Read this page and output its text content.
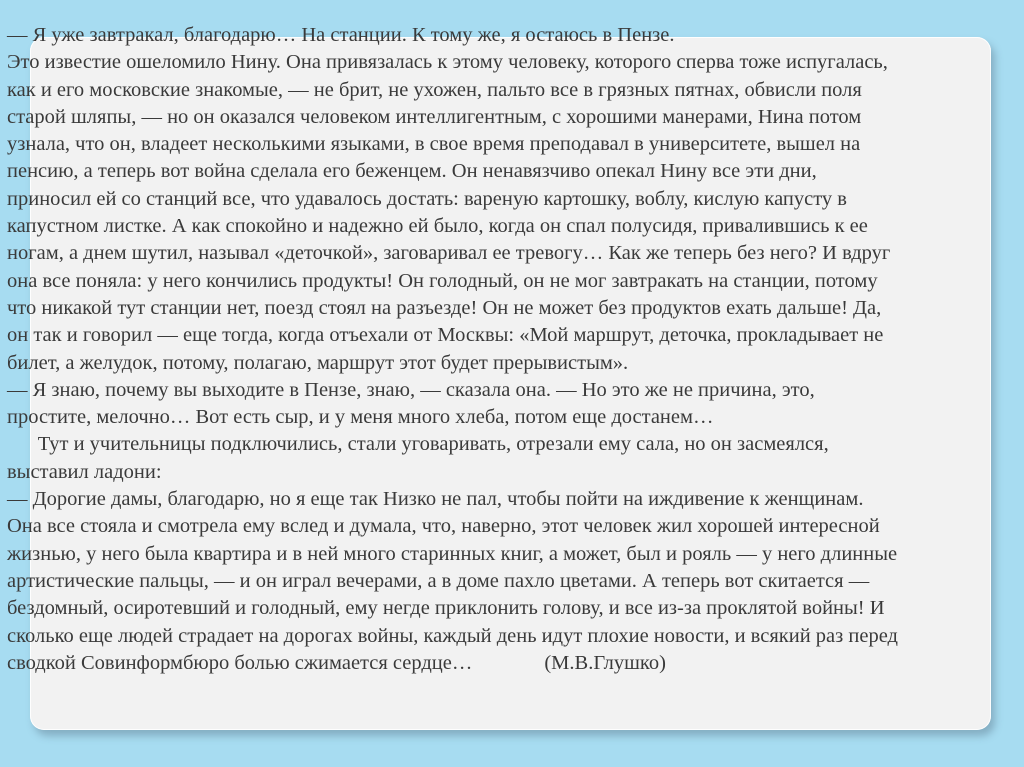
— Я уже завтракал, благодарю… На станции. К тому же, я остаюсь в Пензе.
Это известие ошеломило Нину. Она привязалась к этому человеку, которого сперва тоже испугалась,
как и его московские знакомые, — не брит, не ухожен, пальто все в грязных пятнах, обвисли поля
старой шляпы, — но он оказался человеком интеллигентным, с хорошими манерами, Нина потом
узнала, что он, владеет несколькими языками, в свое время преподавал в университете, вышел на
пенсию, а теперь вот война сделала его беженцем. Он ненавязчиво опекал Нину все эти дни,
приносил ей со станций все, что удавалось достать: вареную картошку, воблу, кислую капусту в
капустном листке. А как спокойно и надежно ей было, когда он спал полусидя, привалившись к ее
ногам, а днем шутил, называл «деточкой», заговаривал ее тревогу… Как же теперь без него? И вдруг
она все поняла: у него кончились продукты! Он голодный, он не мог завтракать на станции, потому
что никакой тут станции нет, поезд стоял на разъезде! Он не может без продуктов ехать дальше! Да,
он так и говорил — еще тогда, когда отъехали от Москвы: «Мой маршрут, деточка, прокладывает не
билет, а желудок, потому, полагаю, маршрут этот будет прерывистым».
— Я знаю, почему вы выходите в Пензе, знаю, — сказала она. — Но это же не причина, это,
простите, мелочно… Вот есть сыр, и у меня много хлеба, потом еще достанем…
Тут и учительницы подключились, стали уговаривать, отрезали ему сала, но он засмеялся,
выставил ладони:
— Дорогие дамы, благодарю, но я еще так Низко не пал, чтобы пойти на иждивение к женщинам.
Она все стояла и смотрела ему вслед и думала, что, наверно, этот человек жил хорошей интересной
жизнью, у него была квартира и в ней много старинных книг, а может, был и рояль — у него длинные
артистические пальцы, — и он играл вечерами, а в доме пахло цветами. А теперь вот скитается —
бездомный, осиротевший и голодный, ему негде приклонить голову, и все из-за проклятой войны! И
сколько еще людей страдает на дорогах войны, каждый день идут плохие новости, и всякий раз перед
сводкой Совинформбюро болью сжимается сердце…	(М.В.Глушко)
